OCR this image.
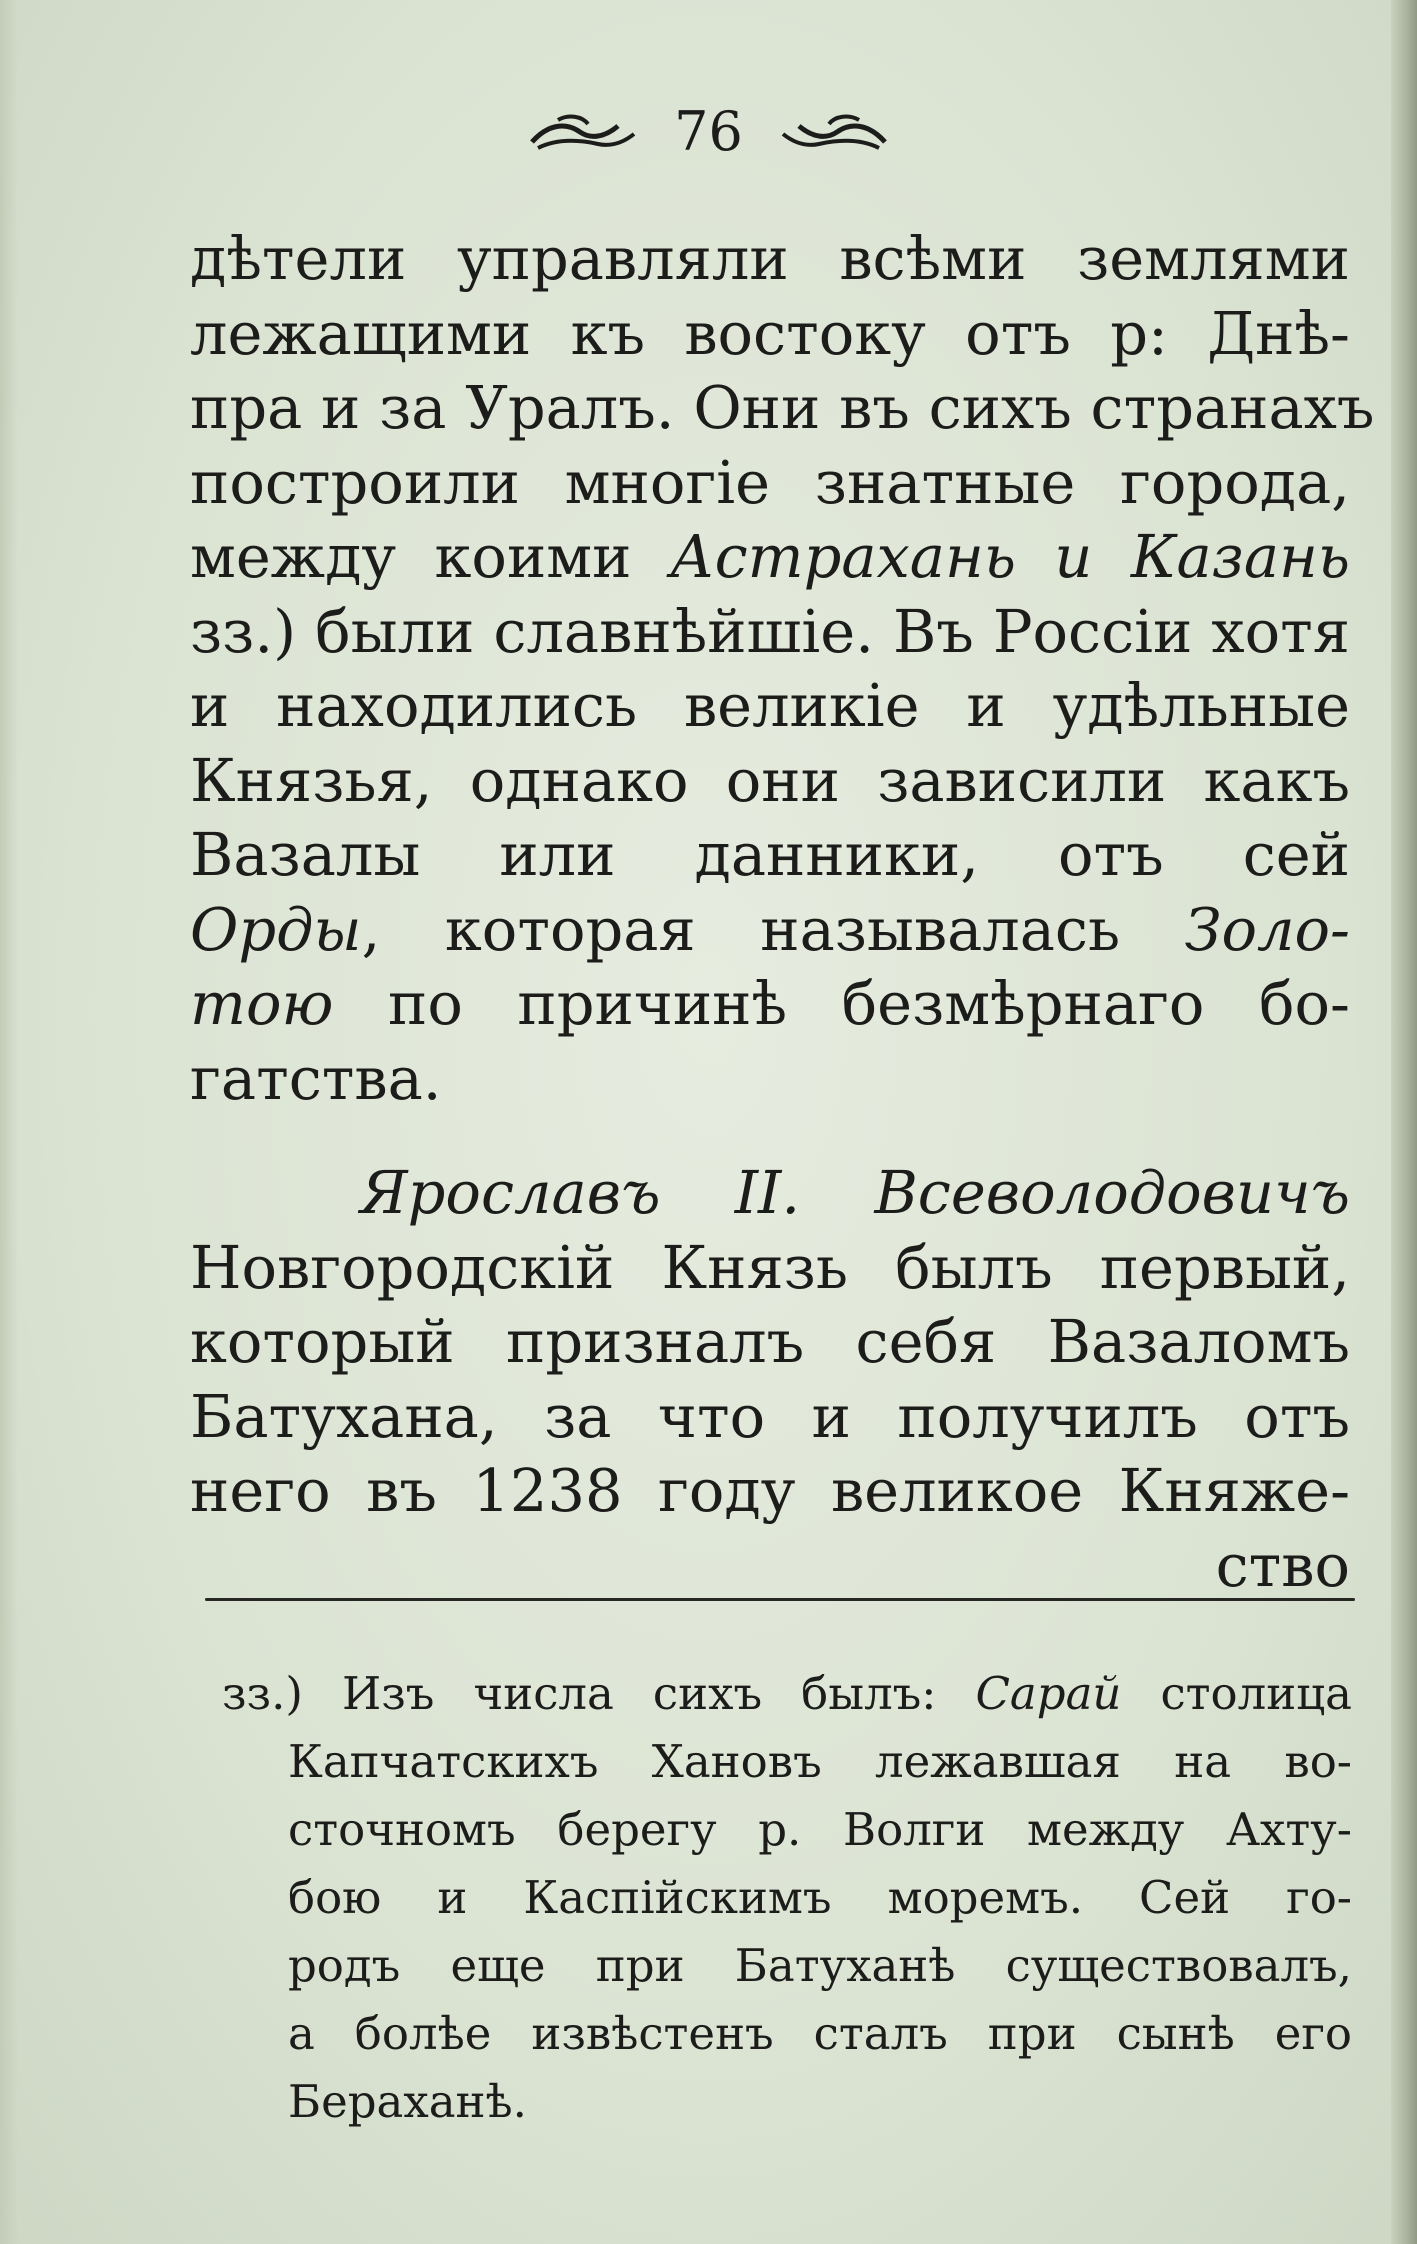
76
дѣтели управляли всѣми землями
лежащими къ востоку отъ р: Днѣ-
пра и за Уралъ. Они въ сихъ странахъ
построили многiе знатные города,
между коими Астрахань и Казань
зз.) были славнѣйшiе. Въ Россiи хотя
и находились великiе и удѣльные
Князья, однако они зависили какъ
Вазалы или данники, отъ сей
Орды, которая называлась Золо-
тою по причинѣ безмѣрнаго бо-
гатства.
Ярославъ II. Всеволодовичъ
Новгородскiй Князь былъ первый,
который призналъ себя Вазаломъ
Батухана, за что и получилъ отъ
него въ 1238 году великое Княже-
ство
зз.) Изъ числа сихъ былъ: Сарай столица
Капчатскихъ Хановъ лежавшая на во-
сточномъ берегу р. Волги между Ахту-
бою и Каспiйскимъ моремъ. Сей го-
родъ еще при Батуханѣ существовалъ,
а болѣе извѣстенъ сталъ при сынѣ его
Бераханѣ.
